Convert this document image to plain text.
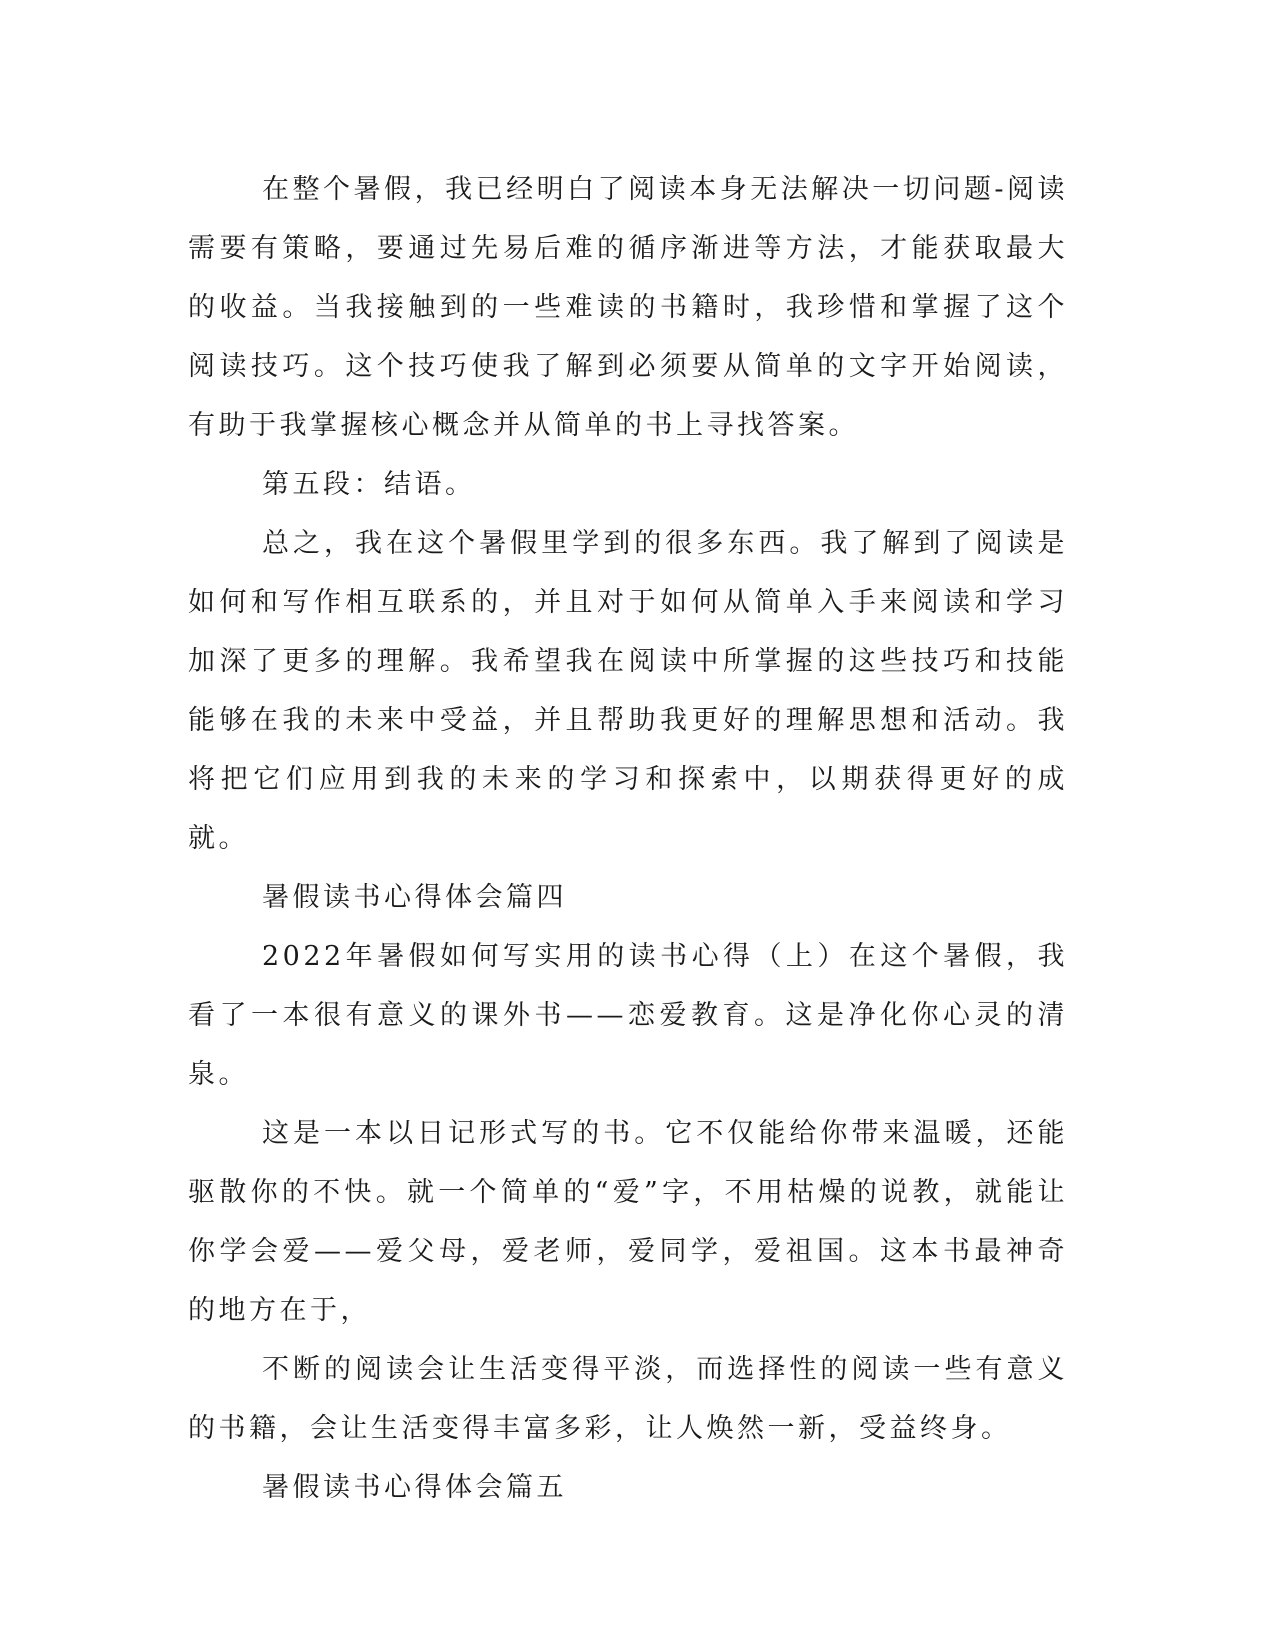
在整个暑假，我已经明白了阅读本身无法解决一切问题-阅读需要有策略，要通过先易后难的循序渐进等方法，才能获取最大的收益。当我接触到的一些难读的书籍时，我珍惜和掌握了这个阅读技巧。这个技巧使我了解到必须要从简单的文字开始阅读，有助于我掌握核心概念并从简单的书上寻找答案。

第五段：结语。

总之，我在这个暑假里学到的很多东西。我了解到了阅读是如何和写作相互联系的，并且对于如何从简单入手来阅读和学习加深了更多的理解。我希望我在阅读中所掌握的这些技巧和技能能够在我的未来中受益，并且帮助我更好的理解思想和活动。我将把它们应用到我的未来的学习和探索中，以期获得更好的成就。

暑假读书心得体会篇四

2022年暑假如何写实用的读书心得（上）在这个暑假，我看了一本很有意义的课外书——恋爱教育。这是净化你心灵的清泉。

这是一本以日记形式写的书。它不仅能给你带来温暖，还能驱散你的不快。就一个简单的“爱”字，不用枯燥的说教，就能让你学会爱——爱父母，爱老师，爱同学，爱祖国。这本书最神奇的地方在于，

不断的阅读会让生活变得平淡，而选择性的阅读一些有意义的书籍，会让生活变得丰富多彩，让人焕然一新，受益终身。

暑假读书心得体会篇五
